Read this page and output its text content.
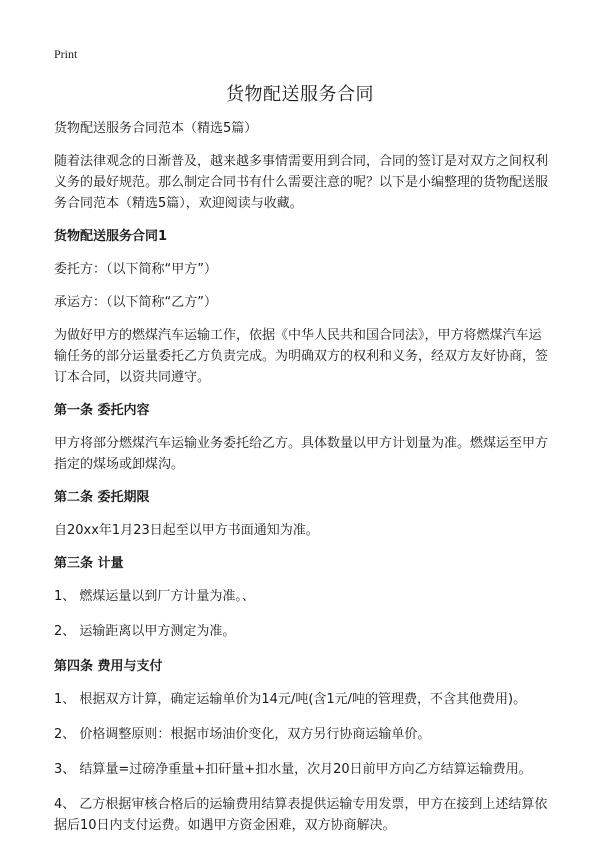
Print
货物配送服务合同

货物配送服务合同范本（精选5篇）

随着法律观念的日渐普及，越来越多事情需要用到合同，合同的签订是对双方之间权利义务的最好规范。那么制定合同书有什么需要注意的呢？以下是小编整理的货物配送服务合同范本（精选5篇），欢迎阅读与收藏。

货物配送服务合同1

委托方：（以下简称“甲方”）

承运方：（以下简称“乙方”）

为做好甲方的燃煤汽车运输工作，依据《中华人民共和国合同法》，甲方将燃煤汽车运输任务的部分运量委托乙方负责完成。为明确双方的权利和义务，经双方友好协商，签订本合同，以资共同遵守。

第一条 委托内容

甲方将部分燃煤汽车运输业务委托给乙方。具体数量以甲方计划量为准。燃煤运至甲方指定的煤场或卸煤沟。

第二条 委托期限

自20xx年1月23日起至以甲方书面通知为准。

第三条 计量

1、 燃煤运量以到厂方计量为准。、

2、 运输距离以甲方测定为准。

第四条 费用与支付

1、 根据双方计算，确定运输单价为14元/吨(含1元/吨的管理费，不含其他费用)。

2、 价格调整原则：根据市场油价变化，双方另行协商运输单价。

3、 结算量=过磅净重量+扣矸量+扣水量，次月20日前甲方向乙方结算运输费用。

4、 乙方根据审核合格后的运输费用结算表提供运输专用发票，甲方在接到上述结算依据后10日内支付运费。如遇甲方资金困难，双方协商解决。
